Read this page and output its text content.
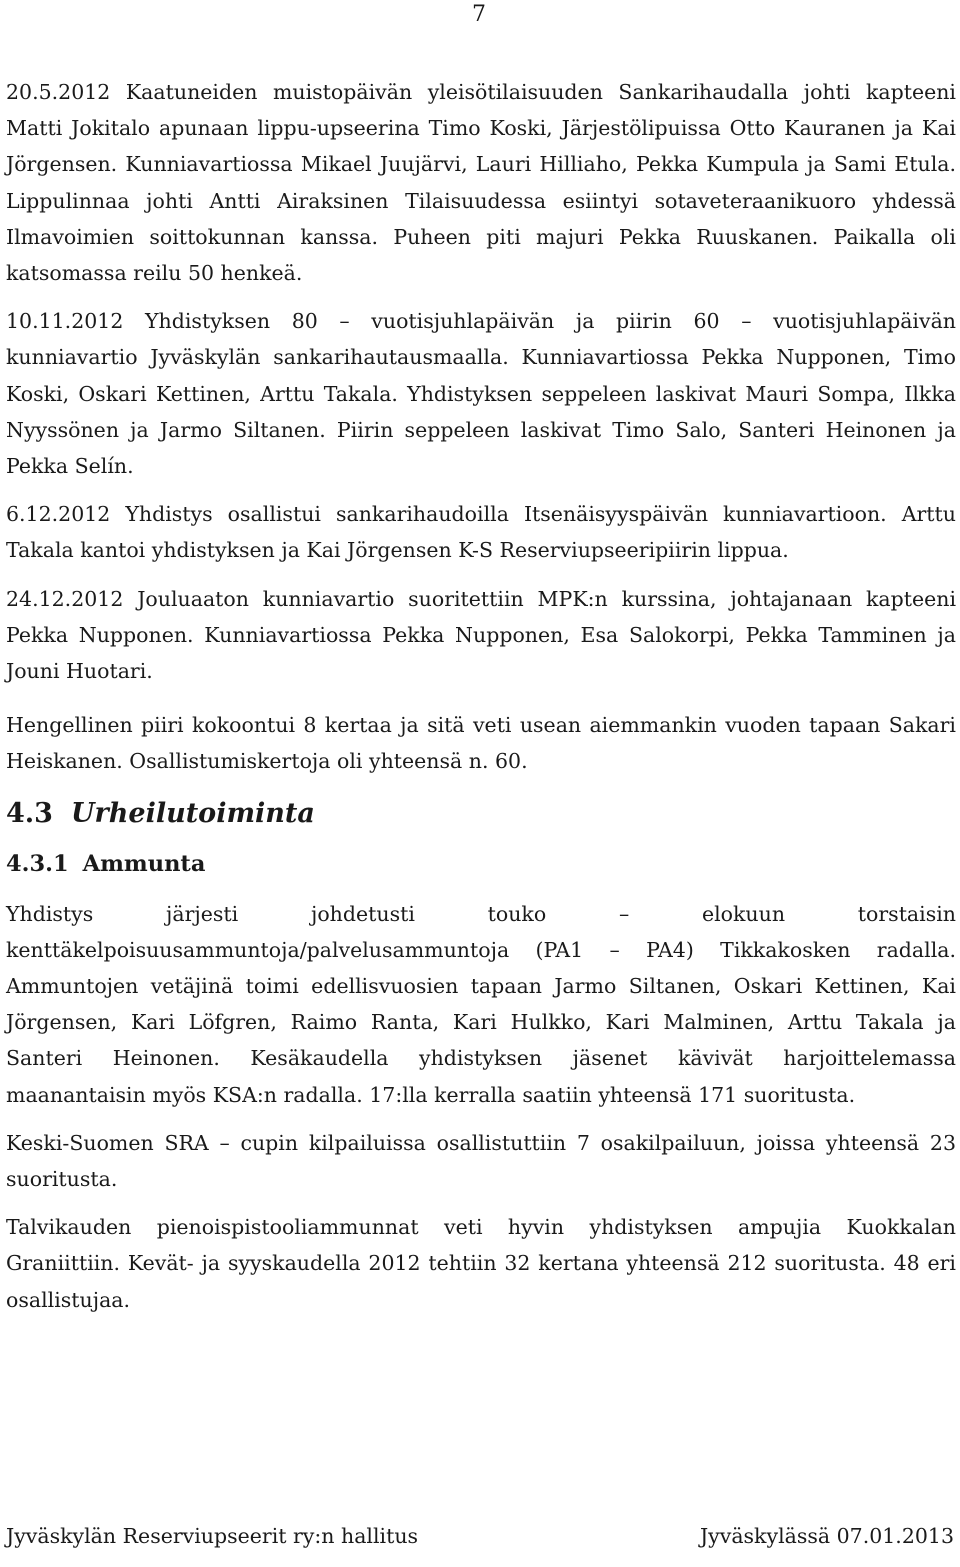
7

20.5.2012 Kaatuneiden muistopäivän yleisötilaisuuden Sankarihaudalla johti kapteeni Matti Jokitalo apunaan lippu-upseerina Timo Koski, Järjestölipuissa Otto Kauranen ja Kai Jörgensen. Kunniavartiossa Mikael Juujärvi, Lauri Hilliaho, Pekka Kumpula ja Sami Etula. Lippulinnaa johti Antti Airaksinen Tilaisuudessa esiintyi sotaveteraanikuoro yhdessä Ilmavoimien soittokunnan kanssa. Puheen piti majuri Pekka Ruuskanen. Paikalla oli katsomassa reilu 50 henkeä.

10.11.2012 Yhdistyksen 80 – vuotisjuhlapäivän ja piirin 60 – vuotisjuhlapäivän kunniavartio Jyväskylän sankarihautausmaalla. Kunniavartiossa Pekka Nupponen, Timo Koski, Oskari Kettinen, Arttu Takala. Yhdistyksen seppeleen laskivat Mauri Sompa, Ilkka Nyyssönen ja Jarmo Siltanen. Piirin seppeleen laskivat Timo Salo, Santeri Heinonen ja Pekka Selín.

6.12.2012 Yhdistys osallistui sankarihaudoilla Itsenäisyyspäivän kunniavartioon. Arttu Takala kantoi yhdistyksen ja Kai Jörgensen K-S Reserviupseeripiirin lippua.

24.12.2012 Jouluaaton kunniavartio suoritettiin MPK:n kurssina, johtajanaan kapteeni Pekka Nupponen. Kunniavartiossa Pekka Nupponen, Esa Salokorpi, Pekka Tamminen ja Jouni Huotari.

Hengellinen piiri kokoontui 8 kertaa ja sitä veti usean aiemmankin vuoden tapaan Sakari Heiskanen. Osallistumiskertoja oli yhteensä n. 60.

4.3 Urheilutoiminta
4.3.1 Ammunta

Yhdistys järjesti johdetusti touko – elokuun torstaisin kenttäkelpoisuusammuntoja/palvelusammuntoja (PA1 – PA4) Tikkakosken radalla. Ammuntojen vetäjinä toimi edellisvuosien tapaan Jarmo Siltanen, Oskari Kettinen, Kai Jörgensen, Kari Löfgren, Raimo Ranta, Kari Hulkko, Kari Malminen, Arttu Takala ja Santeri Heinonen. Kesäkaudella yhdistyksen jäsenet kävivät harjoittelemassa maanantaisin myös KSA:n radalla. 17:lla kerralla saatiin yhteensä 171 suoritusta.

Keski-Suomen SRA – cupin kilpailuissa osallistuttiin 7 osakilpailuun, joissa yhteensä 23 suoritusta.

Talvikauden pienoispistooliammunnat veti hyvin yhdistyksen ampujia Kuokkalan Graniittiin. Kevät- ja syyskaudella 2012 tehtiin 32 kertana yhteensä 212 suoritusta. 48 eri osallistujaa.

Jyväskylän Reserviupseerit ry:n hallitus	Jyväskylässä 07.01.2013
